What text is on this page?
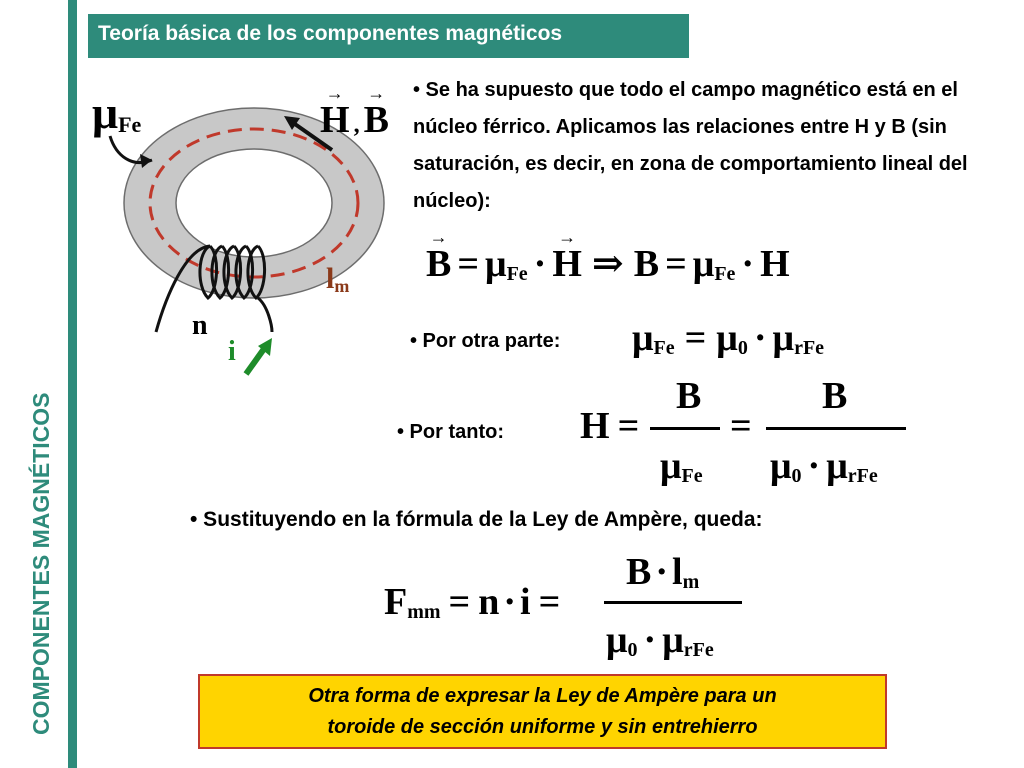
COMPONENTES MAGNÉTICOS
Teoría básica de los componentes magnéticos
$\mu_{Fe}$
→	H ,→ B
$l_m$
n
i
• Se ha supuesto que todo el campo magnético está en el núcleo férrico. Aplicamos las relaciones entre H y B (sin saturación, es decir, en zona de comportamiento lineal del núcleo):
→ $B = \mu_{Fe} \cdot\to H$ ⇒ $B = \mu_{Fe} \cdot H$
• Por otra parte: $\mu_{Fe} = \mu_0 \cdot \mu_{rFe}$
• Por tanto: H =
B
$\mu_{Fe}$
=
B
$\mu_0 \cdot \mu_{rFe}$
• Sustituyendo en la fórmula de la Ley de Ampère, queda:
$F_{mm} = n \cdot i$ =
$B \cdot l_m$
$\mu_0 \cdot \mu_{rFe}$
Otra forma de expresar la Ley de Ampère para un
toroide de sección uniforme y sin entrehierro
